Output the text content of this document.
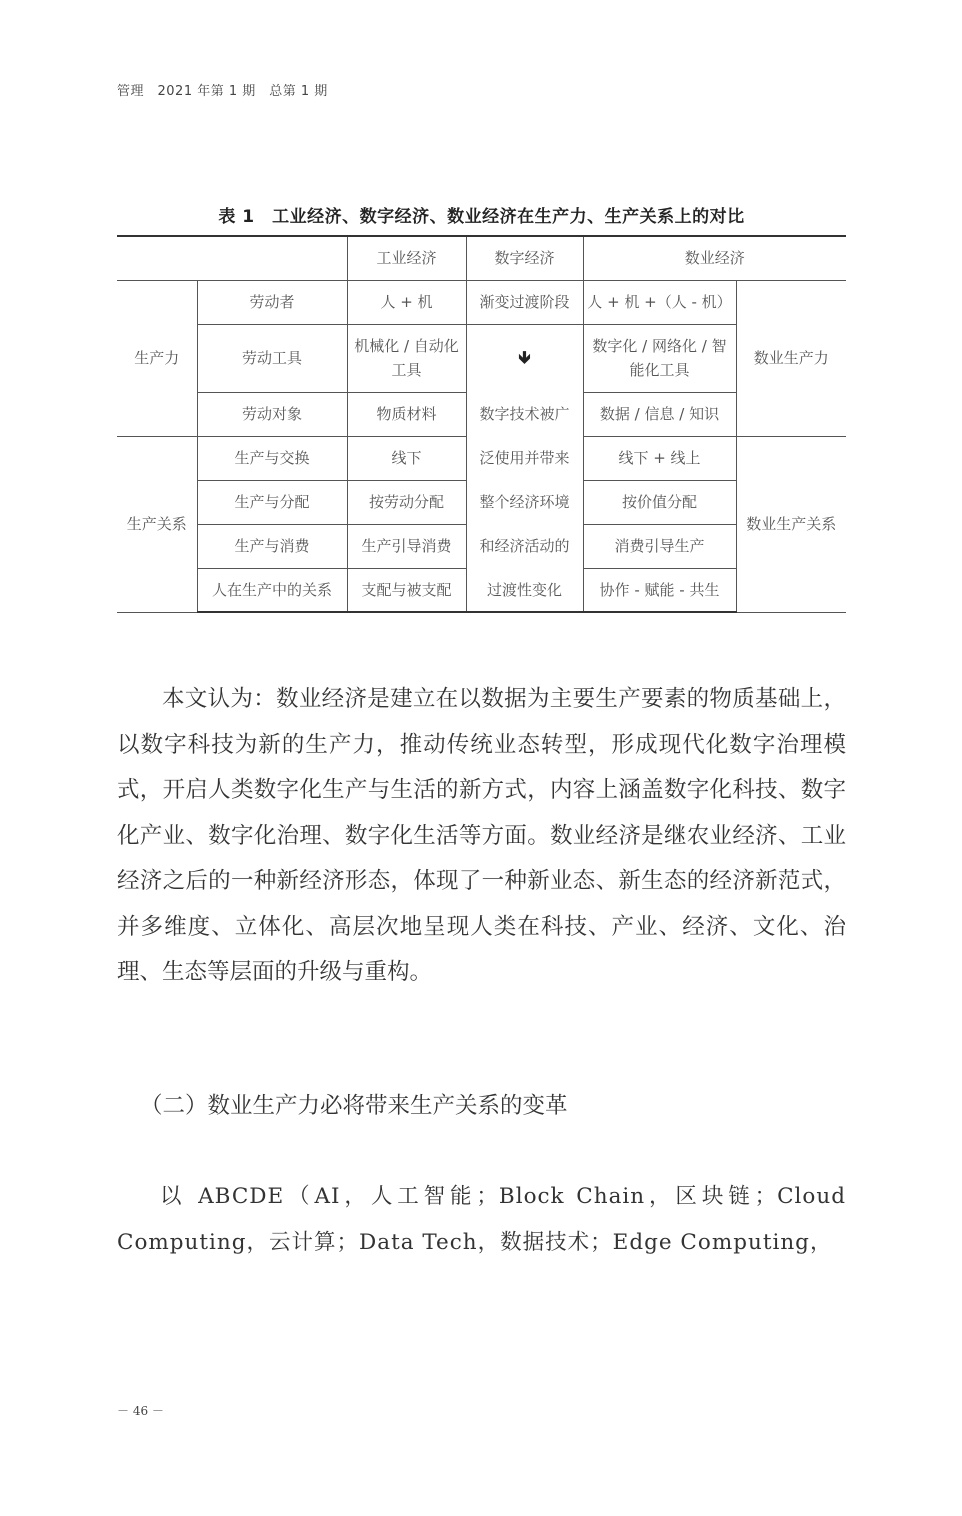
管理　2021 年第 1 期　总第 1 期
表 1　工业经济、数字经济、数业经济在生产力、生产关系上的对比
		工业经济	数字经济	数业经济	
生产力	劳动者	人 + 机	渐变过渡阶段	人 + 机 +（人 - 机）	数业生产力
	劳动工具	机械化 / 自动化工具	🡻	数字化 / 网络化 / 智能化工具	
	劳动对象	物质材料	数字技术被广	数据 / 信息 / 知识	
生产关系	生产与交换	线下	泛使用并带来	线下 + 线上	数业生产关系
	生产与分配	按劳动分配	整个经济环境	按价值分配	
	生产与消费	生产引导消费	和经济活动的	消费引导生产	
	人在生产中的关系	支配与被支配	过渡性变化	协作 - 赋能 - 共生	

本文认为：数业经济是建立在以数据为主要生产要素的物质基础上，以数字科技为新的生产力，推动传统业态转型，形成现代化数字治理模式，开启人类数字化生产与生活的新方式，内容上涵盖数字化科技、数字化产业、数字化治理、数字化生活等方面。数业经济是继农业经济、工业经济之后的一种新经济形态，体现了一种新业态、新生态的经济新范式，并多维度、立体化、高层次地呈现人类在科技、产业、经济、文化、治理、生态等层面的升级与重构。

（二）数业生产力必将带来生产关系的变革

以 ABCDE（AI，人工智能；Block Chain，区块链；Cloud Computing，云计算；Data Tech，数据技术；Edge Computing，

－ 46 －
